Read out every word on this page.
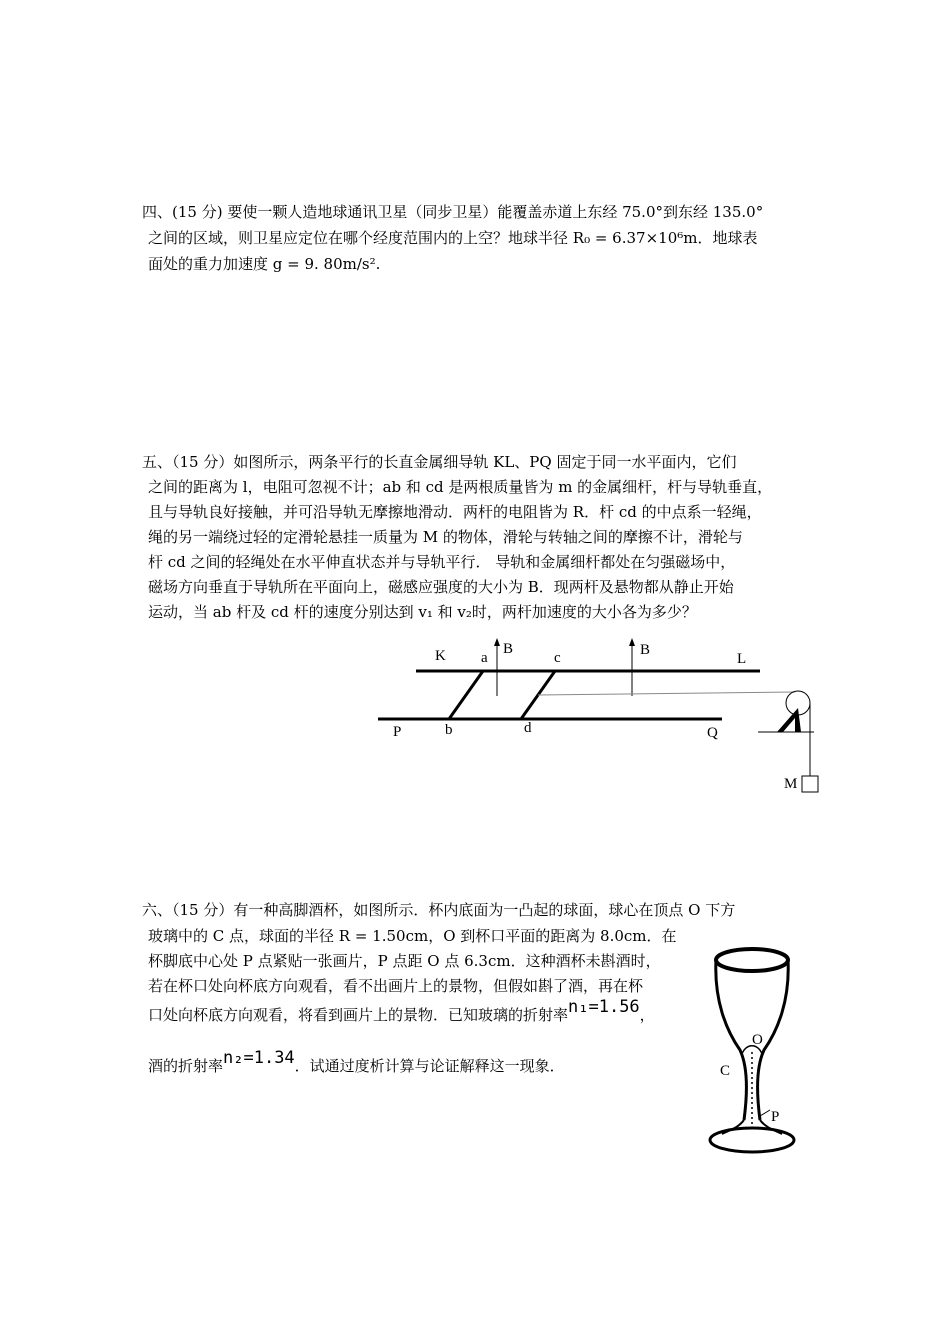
四、(15 分) 要使一颗人造地球通讯卫星（同步卫星）能覆盖赤道上东经 75.0°到东经 135.0°
之间的区域，则卫星应定位在哪个经度范围内的上空？地球半径 R₀ = 6.37×10⁶m．地球表
面处的重力加速度 g = 9. 80m/s².
五、（15 分）如图所示，两条平行的长直金属细导轨 KL、PQ 固定于同一水平面内，它们
之间的距离为 l，电阻可忽视不计；ab 和 cd 是两根质量皆为 m 的金属细杆，杆与导轨垂直，
且与导轨良好接触，并可沿导轨无摩擦地滑动．两杆的电阻皆为 R．杆 cd 的中点系一轻绳，
绳的另一端绕过轻的定滑轮悬挂一质量为 M 的物体，滑轮与转轴之间的摩擦不计，滑轮与
杆 cd 之间的轻绳处在水平伸直状态并与导轨平行． 导轨和金属细杆都处在匀强磁场中，
磁场方向垂直于导轨所在平面向上，磁感应强度的大小为 B．现两杆及悬物都从静止开始
运动，当 ab 杆及 cd 杆的速度分别达到 v₁ 和 v₂时，两杆加速度的大小各为多少？
K a
B
c	B
L
P	b	d	Q
M
六、（15 分）有一种高脚酒杯，如图所示．杯内底面为一凸起的球面，球心在顶点 O 下方
玻璃中的 C 点，球面的半径 R = 1.50cm，O 到杯口平面的距离为 8.0cm．在
杯脚底中心处 P 点紧贴一张画片，P 点距 O 点 6.3cm．这种酒杯未斟酒时，
若在杯口处向杯底方向观看，看不出画片上的景物，但假如斟了酒，再在杯
口处向杯底方向观看，将看到画片上的景物．已知玻璃的折射率n₁=1.56，
酒的折射率n₂=1.34．试通过度析计算与论证解释这一现象．
O
C
P
